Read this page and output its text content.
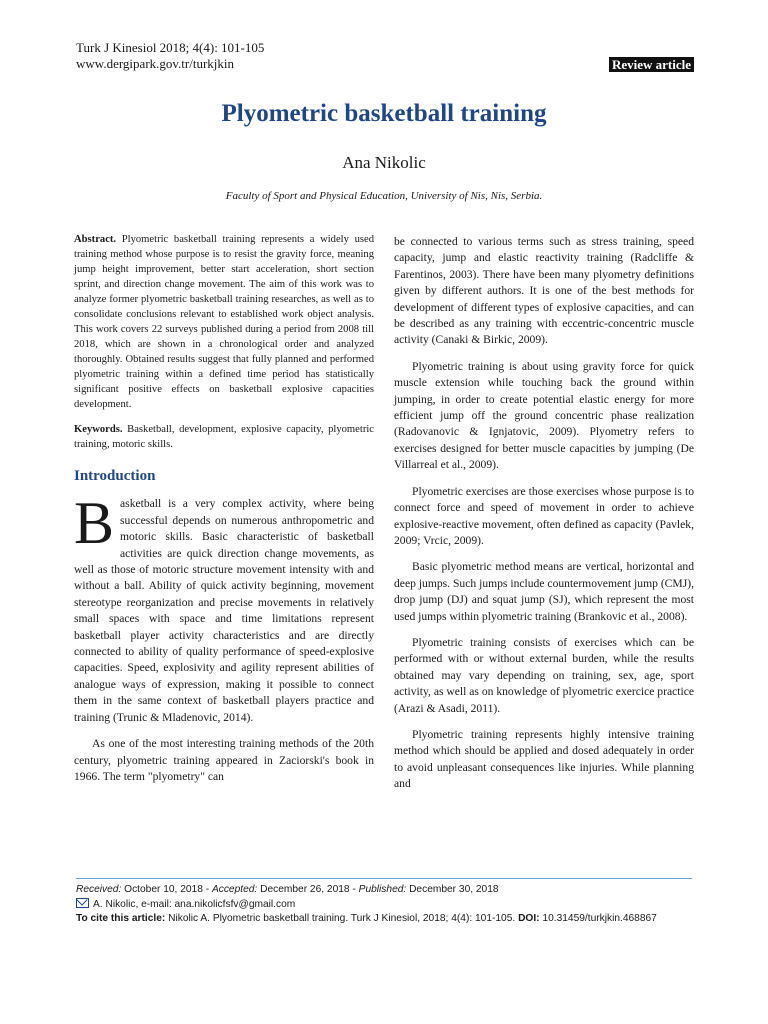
Turk J Kinesiol 2018; 4(4): 101-105
www.dergipark.gov.tr/turkjkin	Review article
Plyometric basketball training
Ana Nikolic
Faculty of Sport and Physical Education, University of Nis, Nis, Serbia.
Abstract. Plyometric basketball training represents a widely used training method whose purpose is to resist the gravity force, meaning jump height improvement, better start acceleration, short section sprint, and direction change movement. The aim of this work was to analyze former plyometric basketball training researches, as well as to consolidate conclusions relevant to established work object analysis. This work covers 22 surveys published during a period from 2008 till 2018, which are shown in a chronological order and analyzed thoroughly. Obtained results suggest that fully planned and performed plyometric training within a defined time period has statistically significant positive effects on basketball explosive capacities development.
Keywords. Basketball, development, explosive capacity, plyometric training, motoric skills.
Introduction

Basketball is a very complex activity, where being successful depends on numerous anthropometric and motoric skills. Basic characteristic of basketball activities are quick direction change movements, as well as those of motoric structure movement intensity with and without a ball. Ability of quick activity beginning, movement stereotype reorganization and precise movements in relatively small spaces with space and time limitations represent basketball player activity characteristics and are directly connected to ability of quality performance of speed-explosive capacities. Speed, explosivity and agility represent abilities of analogue ways of expression, making it possible to connect them in the same context of basketball players practice and training (Trunic & Mladenovic, 2014).

As one of the most interesting training methods of the 20th century, plyometric training appeared in Zaciorski's book in 1966. The term "plyometry" can

be connected to various terms such as stress training, speed capacity, jump and elastic reactivity training (Radcliffe & Farentinos, 2003). There have been many plyometry definitions given by different authors. It is one of the best methods for development of different types of explosive capacities, and can be described as any training with eccentric-concentric muscle activity (Canaki & Birkic, 2009).

Plyometric training is about using gravity force for quick muscle extension while touching back the ground within jumping, in order to create potential elastic energy for more efficient jump off the ground concentric phase realization (Radovanovic & Ignjatovic, 2009). Plyometry refers to exercises designed for better muscle capacities by jumping (De Villarreal et al., 2009).

Plyometric exercises are those exercises whose purpose is to connect force and speed of movement in order to achieve explosive-reactive movement, often defined as capacity (Pavlek, 2009; Vrcic, 2009).

Basic plyometric method means are vertical, horizontal and deep jumps. Such jumps include countermovement jump (CMJ), drop jump (DJ) and squat jump (SJ), which represent the most used jumps within plyometric training (Brankovic et al., 2008).

Plyometric training consists of exercises which can be performed with or without external burden, while the results obtained may vary depending on training, sex, age, sport activity, as well as on knowledge of plyometric exercice practice (Arazi & Asadi, 2011).

Plyometric training represents highly intensive training method which should be applied and dosed adequately in order to avoid unpleasant consequences like injuries. While planning and

Received: October 10, 2018 - Accepted: December 26, 2018 - Published: December 30, 2018
A. Nikolic, e-mail: ana.nikolicfsfv@gmail.com
To cite this article: Nikolic A. Plyometric basketball training. Turk J Kinesiol, 2018; 4(4): 101-105. DOI: 10.31459/turkjkin.468867
